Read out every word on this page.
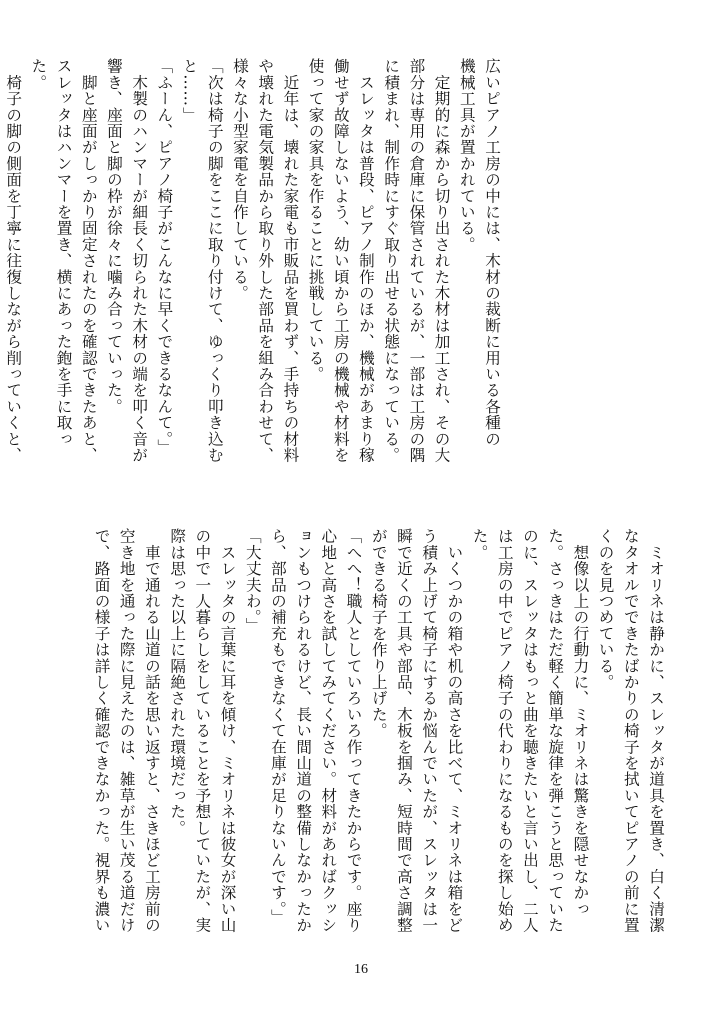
広いピアノ工房の中には、木材の裁断に用いる各種の
機械工具が置かれている。
　定期的に森から切り出された木材は加工され、その大
部分は専用の倉庫に保管されているが、一部は工房の隅
に積まれ、制作時にすぐ取り出せる状態になっている。
　スレッタは普段、ピアノ制作のほか、機械があまり稼
働せず故障しないよう、幼い頃から工房の機械や材料を
使って家の家具を作ることに挑戦している。
　近年は、壊れた家電も市販品を買わず、手持ちの材料
や壊れた電気製品から取り外した部品を組み合わせて、
様々な小型家電を自作している。
「次は椅子の脚をここに取り付けて、ゆっくり叩き込む
と……」
「ふーん、ピアノ椅子がこんなに早くできるなんて。」
　木製のハンマーが細長く切られた木材の端を叩く音が
響き、座面と脚の枠が徐々に噛み合っていった。
　脚と座面がしっかり固定されたのを確認できたあと、
スレッタはハンマーを置き、横にあった鉋を手に取っ
た。
　椅子の脚の側面を丁寧に往復しながら削っていくと、
　ミオリネは静かに、スレッタが道具を置き、白く清潔
なタオルでできたばかりの椅子を拭いてピアノの前に置
くのを見つめている。
　想像以上の行動力に、ミオリネは驚きを隠せなかっ
た。さっきはただ軽く簡単な旋律を弾こうと思っていた
のに、スレッタはもっと曲を聴きたいと言い出し、二人
は工房の中でピアノ椅子の代わりになるものを探し始め
た。
　いくつかの箱や机の高さを比べて、ミオリネは箱をど
う積み上げて椅子にするか悩んでいたが、スレッタは一
瞬で近くの工具や部品、木板を掴み、短時間で高さ調整
ができる椅子を作り上げた。
「へへ！職人としていろいろ作ってきたからです。座り
心地と高さを試してみてください。材料があればクッシ
ョンもつけられるけど、長い間山道の整備しなかったか
ら、部品の補充もできなくて在庫が足りないんです。」
「大丈夫わ。」
　スレッタの言葉に耳を傾け、ミオリネは彼女が深い山
の中で一人暮らしをしていることを予想していたが、実
際は思った以上に隔絶された環境だった。
　車で通れる山道の話を思い返すと、さきほど工房前の
空き地を通った際に見えたのは、雑草が生い茂る道だけ
で、路面の様子は詳しく確認できなかった。視界も濃い
16
